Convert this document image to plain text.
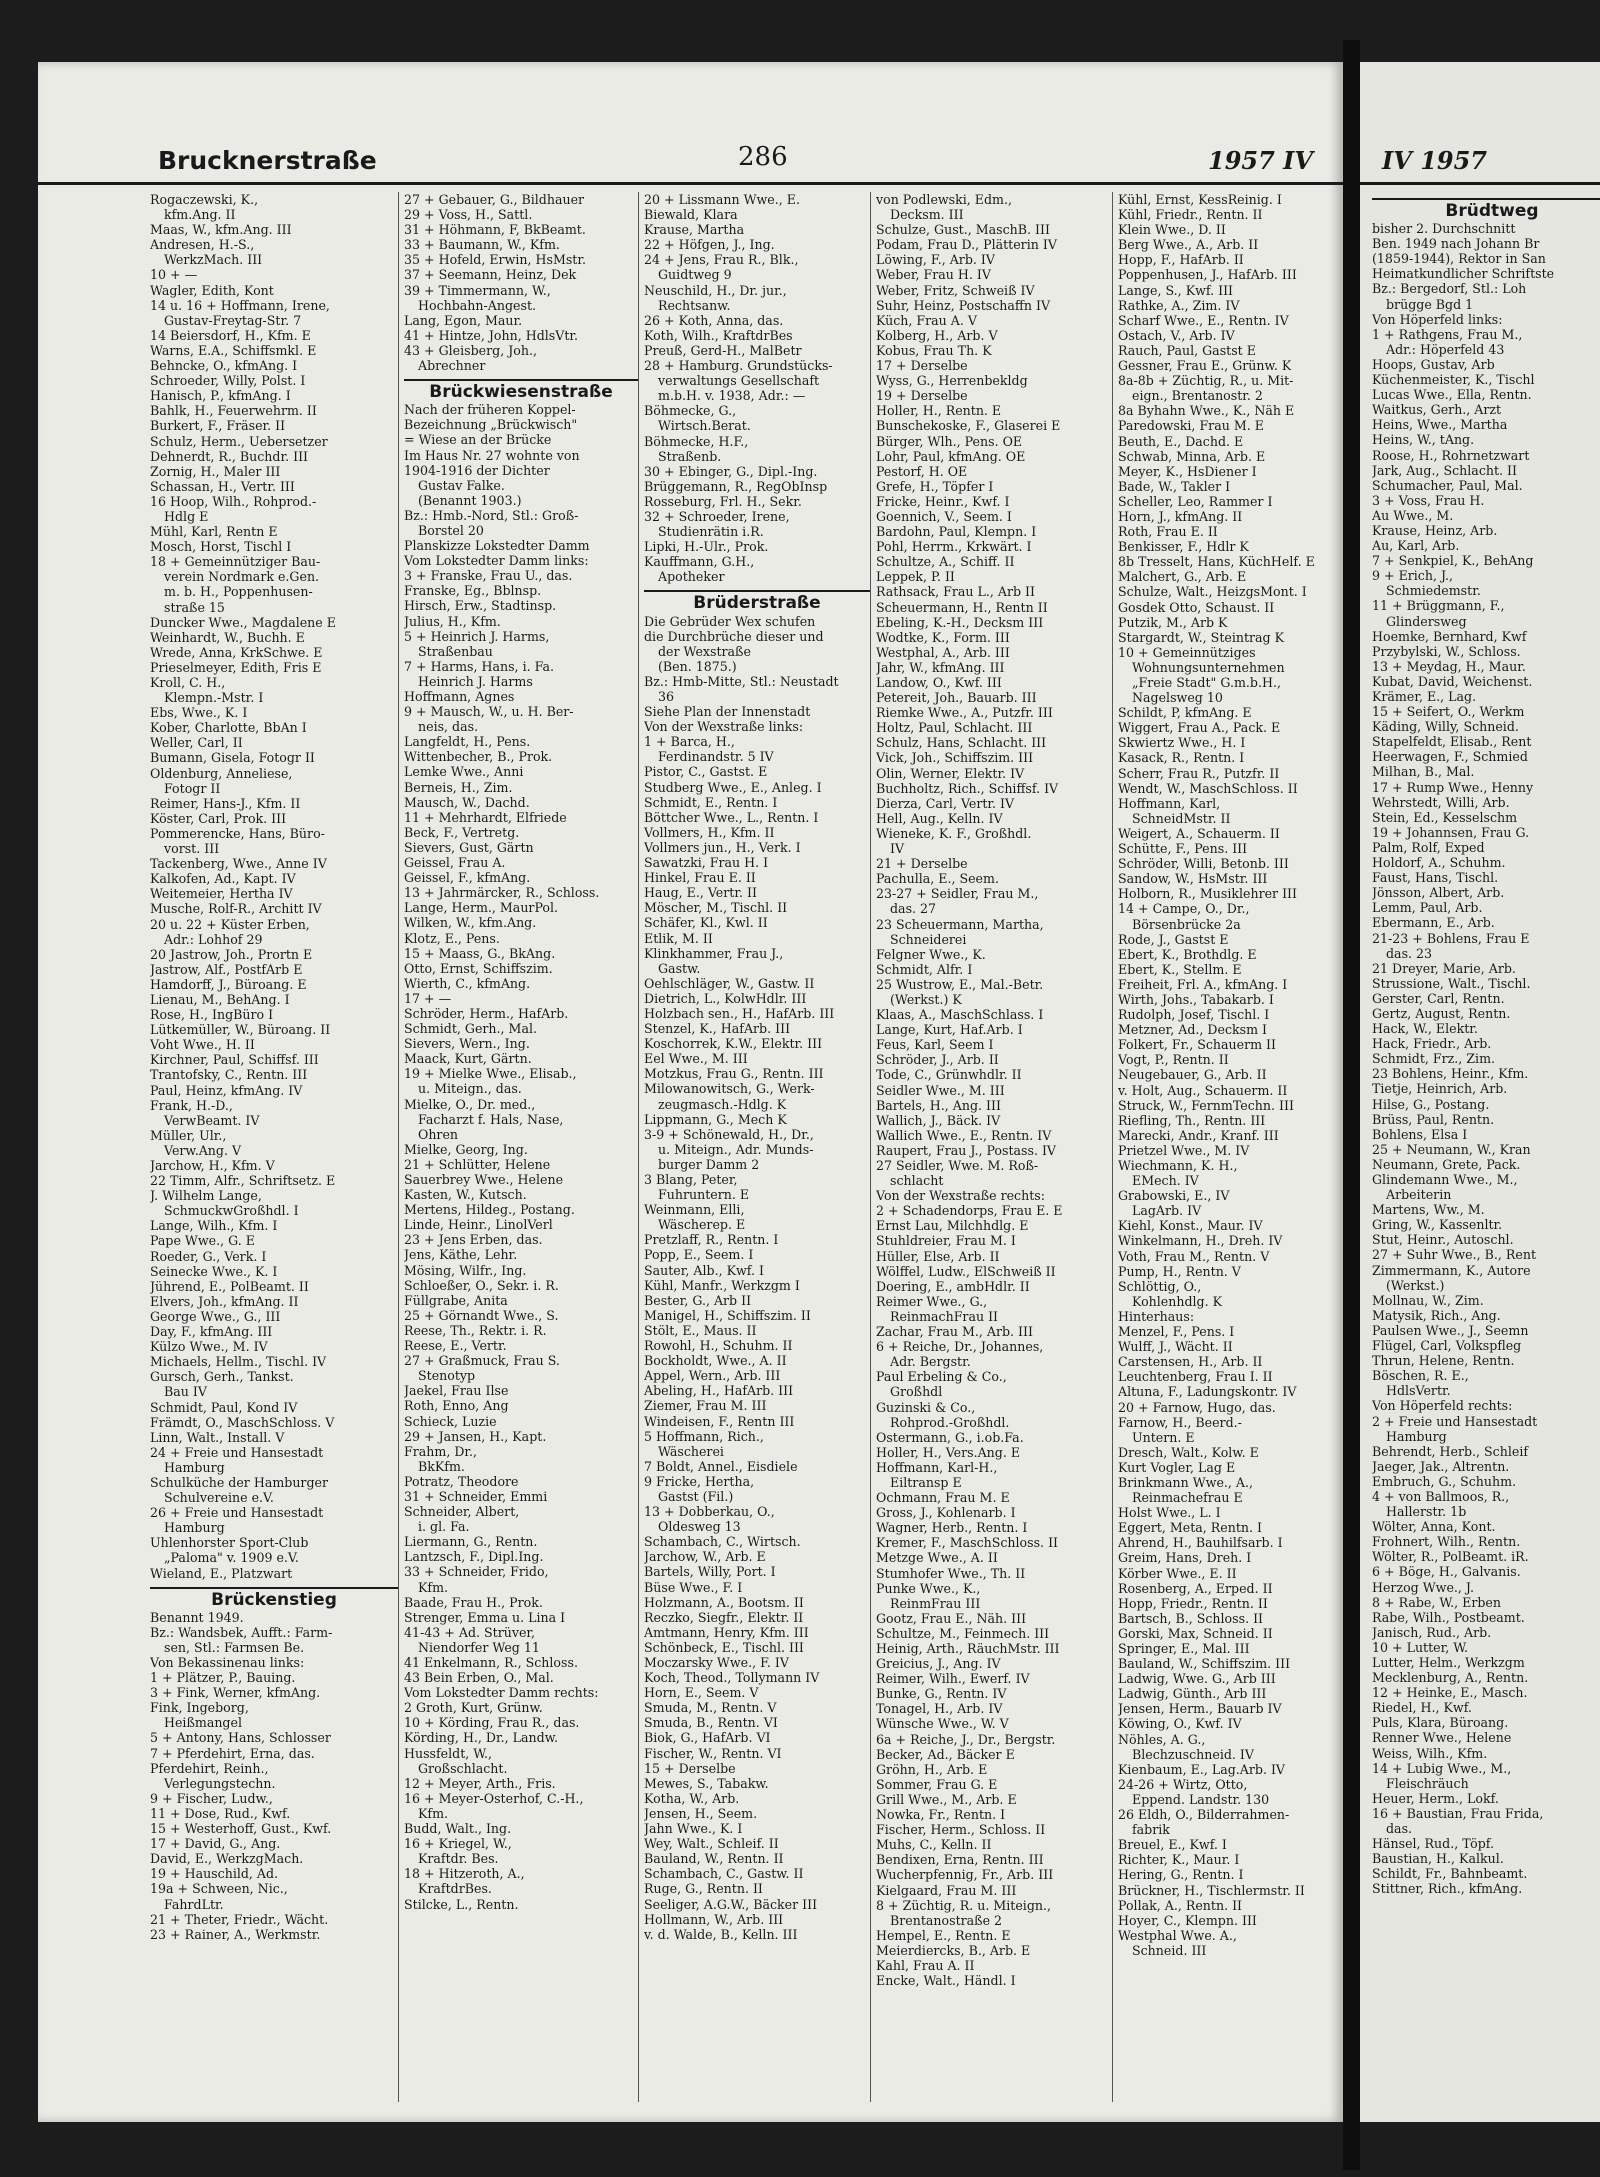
Brucknerstraße	286	1957 IV
Rogaczewski, K.,
kfm.Ang. II
Maas, W., kfm.Ang. III
Andresen, H.-S.,
WerkzMach. III
10 + —
Wagler, Edith, Kont
14 u. 16 + Hoffmann, Irene,
Gustav-Freytag-Str. 7
14 Beiersdorf, H., Kfm. E
Warns, E.A., Schiffsmkl. E
Behncke, O., kfmAng. I
Schroeder, Willy, Polst. I
Hanisch, P., kfmAng. I
Bahlk, H., Feuerwehrm. II
Burkert, F., Fräser. II
Schulz, Herm., Uebersetzer
Dehnerdt, R., Buchdr. III
Zornig, H., Maler III
Schassan, H., Vertr. III
16 Hoop, Wilh., Rohprod.-
Hdlg E
Mühl, Karl, Rentn E
Mosch, Horst, Tischl I
18 + Gemeinnütziger Bau-
verein Nordmark e.Gen.
m. b. H., Poppenhusen-
straße 15
Duncker Wwe., Magdalene E
Weinhardt, W., Buchh. E
Wrede, Anna, KrkSchwe. E
Prieselmeyer, Edith, Fris E
Kroll, C. H.,
Klempn.-Mstr. I
Ebs, Wwe., K. I
Kober, Charlotte, BbAn I
Weller, Carl, II
Bumann, Gisela, Fotogr II
Oldenburg, Anneliese,
Fotogr II
Reimer, Hans-J., Kfm. II
Köster, Carl, Prok. III
Pommerencke, Hans, Büro-
vorst. III
Tackenberg, Wwe., Anne IV
Kalkofen, Ad., Kapt. IV
Weitemeier, Hertha IV
Musche, Rolf-R., Architt IV
20 u. 22 + Küster Erben,
Adr.: Lohhof 29
20 Jastrow, Joh., Prortn E
Jastrow, Alf., PostfArb E
Hamdorff, J., Büroang. E
Lienau, M., BehAng. I
Rose, H., IngBüro I
Lütkemüller, W., Büroang. II
Voht Wwe., H. II
Kirchner, Paul, Schiffsf. III
Trantofsky, C., Rentn. III
Paul, Heinz, kfmAng. IV
Frank, H.-D.,
VerwBeamt. IV
Müller, Ulr.,
Verw.Ang. V
Jarchow, H., Kfm. V
22 Timm, Alfr., Schriftsetz. E
J. Wilhelm Lange,
SchmuckwGroßhdl. I
Lange, Wilh., Kfm. I
Pape Wwe., G. E
Roeder, G., Verk. I
Seinecke Wwe., K. I
Jührend, E., PolBeamt. II
Elvers, Joh., kfmAng. II
George Wwe., G., III
Day, F., kfmAng. III
Külzo Wwe., M. IV
Michaels, Hellm., Tischl. IV
Gursch, Gerh., Tankst.
Bau IV
Schmidt, Paul, Kond IV
Främdt, O., MaschSchloss. V
Linn, Walt., Install. V
24 + Freie und Hansestadt
Hamburg
Schulküche der Hamburger
Schulvereine e.V.
26 + Freie und Hansestadt
Hamburg
Uhlenhorster Sport-Club
„Paloma" v. 1909 e.V.
Wieland, E., Platzwart
Brückenstieg
Benannt 1949.
Bz.: Wandsbek, Aufft.: Farm-
sen, Stl.: Farmsen Be.
Von Bekassinenau links:
1 + Plätzer, P., Bauing.
3 + Fink, Werner, kfmAng.
Fink, Ingeborg,
Heißmangel
5 + Antony, Hans, Schlosser
7 + Pferdehirt, Erna, das.
Pferdehirt, Reinh.,
Verlegungstechn.
9 + Fischer, Ludw.,
11 + Dose, Rud., Kwf.
15 + Westerhoff, Gust., Kwf.
17 + David, G., Ang.
David, E., WerkzgMach.
19 + Hauschild, Ad.
19a + Schween, Nic.,
FahrdLtr.
21 + Theter, Friedr., Wächt.
23 + Rainer, A., Werkmstr.
27 + Gebauer, G., Bildhauer
29 + Voss, H., Sattl.
31 + Höhmann, F, BkBeamt.
33 + Baumann, W., Kfm.
35 + Hofeld, Erwin, HsMstr.
37 + Seemann, Heinz, Dek
39 + Timmermann, W.,
Hochbahn-Angest.
Lang, Egon, Maur.
41 + Hintze, John, HdlsVtr.
43 + Gleisberg, Joh.,
Abrechner
Brückwiesenstraße
Nach der früheren Koppel-
Bezeichnung „Brückwisch"
= Wiese an der Brücke
Im Haus Nr. 27 wohnte von
1904-1916 der Dichter
Gustav Falke.
(Benannt 1903.)
Bz.: Hmb.-Nord, Stl.: Groß-
Borstel 20
Planskizze Lokstedter Damm
Vom Lokstedter Damm links:
3 + Franske, Frau U., das.
Franske, Eg., Bblnsp.
Hirsch, Erw., Stadtinsp.
Julius, H., Kfm.
5 + Heinrich J. Harms,
Straßenbau
7 + Harms, Hans, i. Fa.
Heinrich J. Harms
Hoffmann, Agnes
9 + Mausch, W., u. H. Ber-
neis, das.
Langfeldt, H., Pens.
Wittenbecher, B., Prok.
Lemke Wwe., Anni
Berneis, H., Zim.
Mausch, W., Dachd.
11 + Mehrhardt, Elfriede
Beck, F., Vertretg.
Sievers, Gust, Gärtn
Geissel, Frau A.
Geissel, F., kfmAng.
13 + Jahrmärcker, R., Schloss.
Lange, Herm., MaurPol.
Wilken, W., kfm.Ang.
Klotz, E., Pens.
15 + Maass, G., BkAng.
Otto, Ernst, Schiffszim.
Wierth, C., kfmAng.
17 + —
Schröder, Herm., HafArb.
Schmidt, Gerh., Mal.
Sievers, Wern., Ing.
Maack, Kurt, Gärtn.
19 + Mielke Wwe., Elisab.,
u. Miteign., das.
Mielke, O., Dr. med.,
Facharzt f. Hals, Nase,
Ohren
Mielke, Georg, Ing.
21 + Schlütter, Helene
Sauerbrey Wwe., Helene
Kasten, W., Kutsch.
Mertens, Hildeg., Postang.
Linde, Heinr., LinolVerl
23 + Jens Erben, das.
Jens, Käthe, Lehr.
Mösing, Wilfr., Ing.
Schloeßer, O., Sekr. i. R.
Füllgrabe, Anita
25 + Görnandt Wwe., S.
Reese, Th., Rektr. i. R.
Reese, E., Vertr.
27 + Graßmuck, Frau S.
Stenotyp
Jaekel, Frau Ilse
Roth, Enno, Ang
Schieck, Luzie
29 + Jansen, H., Kapt.
Frahm, Dr.,
BkKfm.
Potratz, Theodore
31 + Schneider, Emmi
Schneider, Albert,
i. gl. Fa.
Liermann, G., Rentn.
Lantzsch, F., Dipl.Ing.
33 + Schneider, Frido,
Kfm.
Baade, Frau H., Prok.
Strenger, Emma u. Lina I
41-43 + Ad. Strüver,
Niendorfer Weg 11
41 Enkelmann, R., Schloss.
43 Bein Erben, O., Mal.
Vom Lokstedter Damm rechts:
2 Groth, Kurt, Grünw.
10 + Körding, Frau R., das.
Körding, H., Dr., Landw.
Hussfeldt, W.,
Großschlacht.
12 + Meyer, Arth., Fris.
16 + Meyer-Osterhof, C.-H.,
Kfm.
Budd, Walt., Ing.
16 + Kriegel, W.,
Kraftdr. Bes.
18 + Hitzeroth, A.,
KraftdrBes.
Stilcke, L., Rentn.
20 + Lissmann Wwe., E.
Biewald, Klara
Krause, Martha
22 + Höfgen, J., Ing.
24 + Jens, Frau R., Blk.,
Guidtweg 9
Neuschild, H., Dr. jur.,
Rechtsanw.
26 + Koth, Anna, das.
Koth, Wilh., KraftdrBes
Preuß, Gerd-H., MalBetr
28 + Hamburg. Grundstücks-
verwaltungs Gesellschaft
m.b.H. v. 1938, Adr.: —
Böhmecke, G.,
Wirtsch.Berat.
Böhmecke, H.F.,
Straßenb.
30 + Ebinger, G., Dipl.-Ing.
Brüggemann, R., RegObInsp
Rosseburg, Frl. H., Sekr.
32 + Schroeder, Irene,
Studienrätin i.R.
Lipki, H.-Ulr., Prok.
Kauffmann, G.H.,
Apotheker
Brüderstraße
Die Gebrüder Wex schufen
die Durchbrüche dieser und
der Wexstraße
(Ben. 1875.)
Bz.: Hmb-Mitte, Stl.: Neustadt
36
Siehe Plan der Innenstadt
Von der Wexstraße links:
1 + Barca, H.,
Ferdinandstr. 5 IV
Pistor, C., Gastst. E
Studberg Wwe., E., Anleg. I
Schmidt, E., Rentn. I
Böttcher Wwe., L., Rentn. I
Vollmers, H., Kfm. II
Vollmers jun., H., Verk. I
Sawatzki, Frau H. I
Hinkel, Frau E. II
Haug, E., Vertr. II
Möscher, M., Tischl. II
Schäfer, Kl., Kwl. II
Etlik, M. II
Klinkhammer, Frau J.,
Gastw.
Oehlschläger, W., Gastw. II
Dietrich, L., KolwHdlr. III
Holzbach sen., H., HafArb. III
Stenzel, K., HafArb. III
Koschorrek, K.W., Elektr. III
Eel Wwe., M. III
Motzkus, Frau G., Rentn. III
Milowanowitsch, G., Werk-
zeugmasch.-Hdlg. K
Lippmann, G., Mech K
3-9 + Schönewald, H., Dr.,
u. Miteign., Adr. Munds-
burger Damm 2
3 Blang, Peter,
Fuhruntern. E
Weinmann, Elli,
Wäscherep. E
Pretzlaff, R., Rentn. I
Popp, E., Seem. I
Sauter, Alb., Kwf. I
Kühl, Manfr., Werkzgm I
Bester, G., Arb II
Manigel, H., Schiffszim. II
Stölt, E., Maus. II
Rowohl, H., Schuhm. II
Bockholdt, Wwe., A. II
Appel, Wern., Arb. III
Abeling, H., HafArb. III
Ziemer, Frau M. III
Windeisen, F., Rentn III
5 Hoffmann, Rich.,
Wäscherei
7 Boldt, Annel., Eisdiele
9 Fricke, Hertha,
Gastst (Fil.)
13 + Dobberkau, O.,
Oldesweg 13
Schambach, C., Wirtsch.
Jarchow, W., Arb. E
Bartels, Willy, Port. I
Büse Wwe., F. I
Holzmann, A., Bootsm. II
Reczko, Siegfr., Elektr. II
Amtmann, Henry, Kfm. III
Schönbeck, E., Tischl. III
Moczarsky Wwe., F. IV
Koch, Theod., Tollymann IV
Horn, E., Seem. V
Smuda, M., Rentn. V
Smuda, B., Rentn. VI
Biok, G., HafArb. VI
Fischer, W., Rentn. VI
15 + Derselbe
Mewes, S., Tabakw.
Kotha, W., Arb.
Jensen, H., Seem.
Jahn Wwe., K. I
Wey, Walt., Schleif. II
Bauland, W., Rentn. II
Schambach, C., Gastw. II
Ruge, G., Rentn. II
Seeliger, A.G.W., Bäcker III
Hollmann, W., Arb. III
v. d. Walde, B., Kelln. III
von Podlewski, Edm.,
Decksm. III
Schulze, Gust., MaschB. III
Podam, Frau D., Plätterin IV
Löwing, F., Arb. IV
Weber, Frau H. IV
Weber, Fritz, Schweiß IV
Suhr, Heinz, Postschaffn IV
Küch, Frau A. V
Kolberg, H., Arb. V
Kobus, Frau Th. K
17 + Derselbe
Wyss, G., Herrenbekldg
19 + Derselbe
Holler, H., Rentn. E
Bunschekoske, F., Glaserei E
Bürger, Wlh., Pens. OE
Lohr, Paul, kfmAng. OE
Pestorf, H. OE
Grefe, H., Töpfer I
Fricke, Heinr., Kwf. I
Goennich, V., Seem. I
Bardohn, Paul, Klempn. I
Pohl, Herrm., Krkwärt. I
Schultze, A., Schiff. II
Leppek, P. II
Rathsack, Frau L., Arb II
Scheuermann, H., Rentn II
Ebeling, K.-H., Decksm III
Wodtke, K., Form. III
Westphal, A., Arb. III
Jahr, W., kfmAng. III
Landow, O., Kwf. III
Petereit, Joh., Bauarb. III
Riemke Wwe., A., Putzfr. III
Holtz, Paul, Schlacht. III
Schulz, Hans, Schlacht. III
Vick, Joh., Schiffszim. III
Olin, Werner, Elektr. IV
Buchholtz, Rich., Schiffsf. IV
Dierza, Carl, Vertr. IV
Hell, Aug., Kelln. IV
Wieneke, K. F., Großhdl.
IV
21 + Derselbe
Pachulla, E., Seem.
23-27 + Seidler, Frau M.,
das. 27
23 Scheuermann, Martha,
Schneiderei
Felgner Wwe., K.
Schmidt, Alfr. I
25 Wustrow, E., Mal.-Betr.
(Werkst.) K
Klaas, A., MaschSchlass. I
Lange, Kurt, Haf.Arb. I
Feus, Karl, Seem I
Schröder, J., Arb. II
Tode, C., Grünwhdlr. II
Seidler Wwe., M. III
Bartels, H., Ang. III
Wallich, J., Bäck. IV
Wallich Wwe., E., Rentn. IV
Raupert, Frau J., Postass. IV
27 Seidler, Wwe. M. Roß-
schlacht
Von der Wexstraße rechts:
2 + Schadendorps, Frau E. E
Ernst Lau, Milchhdlg. E
Stuhldreier, Frau M. I
Hüller, Else, Arb. II
Wölffel, Ludw., ElSchweiß II
Doering, E., ambHdlr. II
Reimer Wwe., G.,
ReinmachFrau II
Zachar, Frau M., Arb. III
6 + Reiche, Dr., Johannes,
Adr. Bergstr.
Paul Erbeling & Co.,
Großhdl
Guzinski & Co.,
Rohprod.-Großhdl.
Ostermann, G., i.ob.Fa.
Holler, H., Vers.Ang. E
Hoffmann, Karl-H.,
Eiltransp E
Ochmann, Frau M. E
Gross, J., Kohlenarb. I
Wagner, Herb., Rentn. I
Kremer, F., MaschSchloss. II
Metzge Wwe., A. II
Stumhofer Wwe., Th. II
Punke Wwe., K.,
ReinmFrau III
Gootz, Frau E., Näh. III
Schultze, M., Feinmech. III
Heinig, Arth., RäuchMstr. III
Greicius, J., Ang. IV
Reimer, Wilh., Ewerf. IV
Bunke, G., Rentn. IV
Tonagel, H., Arb. IV
Wünsche Wwe., W. V
6a + Reiche, J., Dr., Bergstr.
Becker, Ad., Bäcker E
Gröhn, H., Arb. E
Sommer, Frau G. E
Grill Wwe., M., Arb. E
Nowka, Fr., Rentn. I
Fischer, Herm., Schloss. II
Muhs, C., Kelln. II
Bendixen, Erna, Rentn. III
Wucherpfennig, Fr., Arb. III
Kielgaard, Frau M. III
8 + Züchtig, R. u. Miteign.,
Brentanostraße 2
Hempel, E., Rentn. E
Meierdiercks, B., Arb. E
Kahl, Frau A. II
Encke, Walt., Händl. I
Kühl, Ernst, KessReinig. I
Kühl, Friedr., Rentn. II
Klein Wwe., D. II
Berg Wwe., A., Arb. II
Hopp, F., HafArb. II
Poppenhusen, J., HafArb. III
Lange, S., Kwf. III
Rathke, A., Zim. IV
Scharf Wwe., E., Rentn. IV
Ostach, V., Arb. IV
Rauch, Paul, Gastst E
Gessner, Frau E., Grünw. K
8a-8b + Züchtig, R., u. Mit-
eign., Brentanostr. 2
8a Byhahn Wwe., K., Näh E
Paredowski, Frau M. E
Beuth, E., Dachd. E
Schwab, Minna, Arb. E
Meyer, K., HsDiener I
Bade, W., Takler I
Scheller, Leo, Rammer I
Horn, J., kfmAng. II
Roth, Frau E. II
Benkisser, F., Hdlr K
8b Tresselt, Hans, KüchHelf. E
Malchert, G., Arb. E
Schulze, Walt., HeizgsMont. I
Gosdek Otto, Schaust. II
Putzik, M., Arb K
Stargardt, W., Steintrag K
10 + Gemeinnütziges
Wohnungsunternehmen
„Freie Stadt" G.m.b.H.,
Nagelsweg 10
Schildt, P, kfmAng. E
Wiggert, Frau A., Pack. E
Skwiertz Wwe., H. I
Kasack, R., Rentn. I
Scherr, Frau R., Putzfr. II
Wendt, W., MaschSchloss. II
Hoffmann, Karl,
SchneidMstr. II
Weigert, A., Schauerm. II
Schütte, F., Pens. III
Schröder, Willi, Betonb. III
Sandow, W., HsMstr. III
Holborn, R., Musiklehrer III
14 + Campe, O., Dr.,
Börsenbrücke 2a
Rode, J., Gastst E
Ebert, K., Brothdlg. E
Ebert, K., Stellm. E
Freiheit, Frl. A., kfmAng. I
Wirth, Johs., Tabakarb. I
Rudolph, Josef, Tischl. I
Metzner, Ad., Decksm I
Folkert, Fr., Schauerm II
Vogt, P., Rentn. II
Neugebauer, G., Arb. II
v. Holt, Aug., Schauerm. II
Struck, W., FernmTechn. III
Riefling, Th., Rentn. III
Marecki, Andr., Kranf. III
Prietzel Wwe., M. IV
Wiechmann, K. H.,
EMech. IV
Grabowski, E., IV
LagArb. IV
Kiehl, Konst., Maur. IV
Winkelmann, H., Dreh. IV
Voth, Frau M., Rentn. V
Pump, H., Rentn. V
Schlöttig, O.,
Kohlenhdlg. K
Hinterhaus:
Menzel, F., Pens. I
Wulff, J., Wächt. II
Carstensen, H., Arb. II
Leuchtenberg, Frau I. II
Altuna, F., Ladungskontr. IV
20 + Farnow, Hugo, das.
Farnow, H., Beerd.-
Untern. E
Dresch, Walt., Kolw. E
Kurt Vogler, Lag E
Brinkmann Wwe., A.,
Reinmachefrau E
Holst Wwe., L. I
Eggert, Meta, Rentn. I
Ahrend, H., Bauhilfsarb. I
Greim, Hans, Dreh. I
Körber Wwe., E. II
Rosenberg, A., Erped. II
Hopp, Friedr., Rentn. II
Bartsch, B., Schloss. II
Gorski, Max, Schneid. II
Springer, E., Mal. III
Bauland, W., Schiffszim. III
Ladwig, Wwe. G., Arb III
Ladwig, Günth., Arb III
Jensen, Herm., Bauarb IV
Köwing, O., Kwf. IV
Nöhles, A. G.,
Blechzuschneid. IV
Kienbaum, E., Lag.Arb. IV
24-26 + Wirtz, Otto,
Eppend. Landstr. 130
26 Eldh, O., Bilderrahmen-
fabrik
Breuel, E., Kwf. I
Richter, K., Maur. I
Hering, G., Rentn. I
Brückner, H., Tischlermstr. II
Pollak, A., Rentn. II
Hoyer, C., Klempn. III
Westphal Wwe. A.,
Schneid. III
IV 1957
Brüdtweg
bisher 2. Durchschnitt
Ben. 1949 nach Johann Br
(1859-1944), Rektor in San
Heimatkundlicher Schriftste
Bz.: Bergedorf, Stl.: Loh
brügge Bgd 1
Von Höperfeld links:
1 + Rathgens, Frau M.,
Adr.: Höperfeld 43
Hoops, Gustav, Arb
Küchenmeister, K., Tischl
Lucas Wwe., Ella, Rentn.
Waitkus, Gerh., Arzt
Heins, Wwe., Martha
Heins, W., tAng.
Roose, H., Rohrnetzwart
Jark, Aug., Schlacht. II
Schumacher, Paul, Mal.
3 + Voss, Frau H.
Au Wwe., M.
Krause, Heinz, Arb.
Au, Karl, Arb.
7 + Senkpiel, K., BehAng
9 + Erich, J.,
Schmiedemstr.
11 + Brüggmann, F.,
Glindersweg
Hoemke, Bernhard, Kwf
Przybylski, W., Schloss.
13 + Meydag, H., Maur.
Kubat, David, Weichenst.
Krämer, E., Lag.
15 + Seifert, O., Werkm
Käding, Willy, Schneid.
Stapelfeldt, Elisab., Rent
Heerwagen, F., Schmied
Milhan, B., Mal.
17 + Rump Wwe., Henny
Wehrstedt, Willi, Arb.
Stein, Ed., Kesselschm
19 + Johannsen, Frau G.
Palm, Rolf, Exped
Holdorf, A., Schuhm.
Faust, Hans, Tischl.
Jönsson, Albert, Arb.
Lemm, Paul, Arb.
Ebermann, E., Arb.
21-23 + Bohlens, Frau E
das. 23
21 Dreyer, Marie, Arb.
Strussione, Walt., Tischl.
Gerster, Carl, Rentn.
Gertz, August, Rentn.
Hack, W., Elektr.
Hack, Friedr., Arb.
Schmidt, Frz., Zim.
23 Bohlens, Heinr., Kfm.
Tietje, Heinrich, Arb.
Hilse, G., Postang.
Brüss, Paul, Rentn.
Bohlens, Elsa I
25 + Neumann, W., Kran
Neumann, Grete, Pack.
Glindemann Wwe., M.,
Arbeiterin
Martens, Ww., M.
Gring, W., Kassenltr.
Stut, Heinr., Autoschl.
27 + Suhr Wwe., B., Rent
Zimmermann, K., Autore
(Werkst.)
Mollnau, W., Zim.
Matysik, Rich., Ang.
Paulsen Wwe., J., Seemn
Flügel, Carl, Volkspfleg
Thrun, Helene, Rentn.
Böschen, R. E.,
HdlsVertr.
Von Höperfeld rechts:
2 + Freie und Hansestadt
Hamburg
Behrendt, Herb., Schleif
Jaeger, Jak., Altrentn.
Embruch, G., Schuhm.
4 + von Ballmoos, R.,
Hallerstr. 1b
Wölter, Anna, Kont.
Frohnert, Wilh., Rentn.
Wölter, R., PolBeamt. iR.
6 + Böge, H., Galvanis.
Herzog Wwe., J.
8 + Rabe, W., Erben
Rabe, Wilh., Postbeamt.
Janisch, Rud., Arb.
10 + Lutter, W.
Lutter, Helm., Werkzgm
Mecklenburg, A., Rentn.
12 + Heinke, E., Masch.
Riedel, H., Kwf.
Puls, Klara, Büroang.
Renner Wwe., Helene
Weiss, Wilh., Kfm.
14 + Lubig Wwe., M.,
Fleischräuch
Heuer, Herm., Lokf.
16 + Baustian, Frau Frida,
das.
Hänsel, Rud., Töpf.
Baustian, H., Kalkul.
Schildt, Fr., Bahnbeamt.
Stittner, Rich., kfmAng.
